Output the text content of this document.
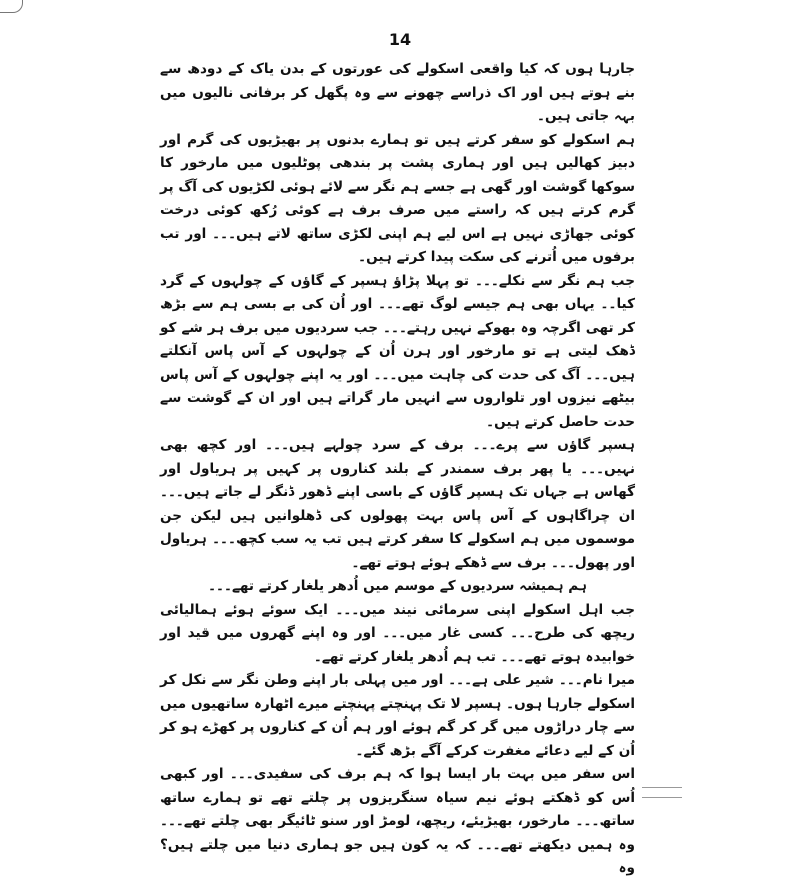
14

جارہا ہوں کہ کیا واقعی اسکولے کی عورتوں کے بدن یاک کے دودھ سے بنے ہوتے ہیں اور اک ذراسے چھونے سے وہ پگھل کر برفانی نالیوں میں بہہ جاتی ہیں۔

ہم اسکولے کو سفر کرتے ہیں تو ہمارے بدنوں پر بھیڑیوں کی گرم اور دبیز کھالیں ہیں اور ہماری پشت پر بندھی پوٹلیوں میں مارخور کا سوکھا گوشت اور گھی ہے جسے ہم نگر سے لائے ہوئی لکڑیوں کی آگ پر گرم کرتے ہیں کہ راستے میں صرف برف ہے کوئی رُکھ کوئی درخت کوئی جھاڑی نہیں ہے اس لیے ہم اپنی لکڑی ساتھ لاتے ہیں۔۔۔ اور تب برفوں میں اُترنے کی سکت پیدا کرتے ہیں۔

جب ہم نگر سے نکلے۔۔۔ تو پہلا پڑاؤ ہسپر کے گاؤں کے چولہوں کے گرد کیا۔۔ یہاں بھی ہم جیسے لوگ تھے۔۔۔ اور اُن کی بے بسی ہم سے بڑھ کر تھی اگرچہ وہ بھوکے نہیں رہتے۔۔۔ جب سردیوں میں برف ہر شے کو ڈھک لیتی ہے تو مارخور اور ہرن اُن کے چولہوں کے آس پاس آنکلتے ہیں۔۔۔ آگ کی حدت کی چاہت میں۔۔۔ اور یہ اپنے چولہوں کے آس پاس بیٹھے نیزوں اور تلواروں سے انہیں مار گراتے ہیں اور ان کے گوشت سے حدت حاصل کرتے ہیں۔

ہسپر گاؤں سے پرے۔۔۔ برف کے سرد چولہے ہیں۔۔۔ اور کچھ بھی نہیں۔۔۔ یا پھر برف سمندر کے بلند کناروں پر کہیں پر ہریاول اور گھاس ہے جہاں تک ہسپر گاؤں کے باسی اپنے ڈھور ڈنگر لے جاتے ہیں۔۔۔ ان چراگاہوں کے آس پاس بہت پھولوں کی ڈھلوانیں ہیں لیکن جن موسموں میں ہم اسکولے کا سفر کرتے ہیں تب یہ سب کچھ۔۔۔ ہریاول اور پھول۔۔۔ برف سے ڈھکے ہوئے ہوتے تھے۔

ہم ہمیشہ سردیوں کے موسم میں اُدھر یلغار کرتے تھے۔۔۔

جب اہل اسکولے اپنی سرمائی نیند میں۔۔۔ ایک سوئے ہوئے ہمالیائی ریچھ کی طرح۔۔۔ کسی غار میں۔۔۔ اور وہ اپنے گھروں میں قید اور خوابیدہ ہوتے تھے۔۔۔ تب ہم اُدھر یلغار کرتے تھے۔

میرا نام۔۔۔ شیر علی ہے۔۔۔ اور میں پہلی بار اپنے وطن نگر سے نکل کر اسکولے جارہا ہوں۔ ہسپر لا تک پہنچتے پہنچتے میرے اٹھارہ ساتھیوں میں سے چار دراڑوں میں گر کر گم ہوئے اور ہم اُن کے کناروں پر کھڑے ہو کر اُن کے لیے دعائے مغفرت کرکے آگے بڑھ گئے۔

اس سفر میں بہت بار ایسا ہوا کہ ہم برف کی سفیدی۔۔۔ اور کبھی اُس کو ڈھکتے ہوئے نیم سیاہ سنگریزوں پر چلتے تھے تو ہمارے ساتھ ساتھ۔۔۔ مارخور، بھیڑیئے، ریچھ، لومڑ اور سنو ٹائیگر بھی چلتے تھے۔۔۔ وہ ہمیں دیکھتے تھے۔۔۔ کہ یہ کون ہیں جو ہماری دنیا میں چلتے ہیں؟ وہ
